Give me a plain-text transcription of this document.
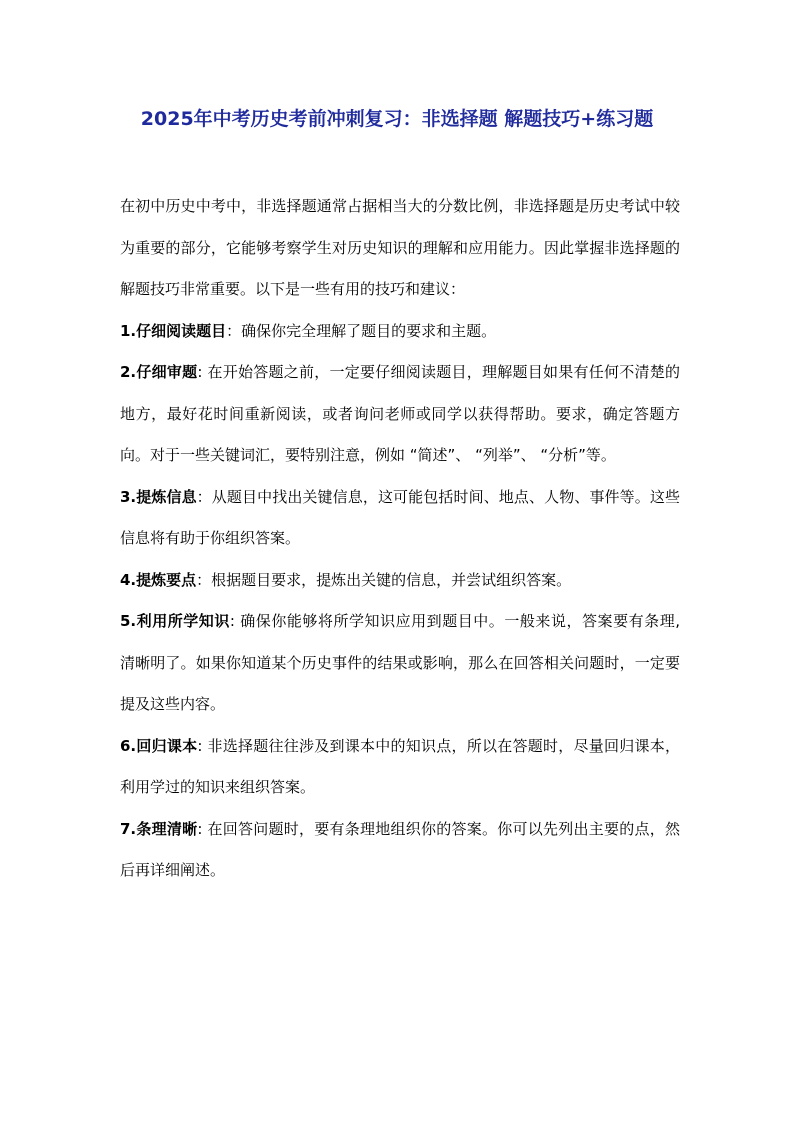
2025年中考历史考前冲刺复习：非选择题 解题技巧+练习题

在初中历史中考中，非选择题通常占据相当大的分数比例，非选择题是历史考试中较为重要的部分，它能够考察学生对历史知识的理解和应用能力。因此掌握非选择题的解题技巧非常重要。以下是一些有用的技巧和建议：

1.仔细阅读题目：确保你完全理解了题目的要求和主题。

2.仔细审题: 在开始答题之前，一定要仔细阅读题目，理解题目如果有任何不清楚的地方，最好花时间重新阅读，或者询问老师或同学以获得帮助。要求，确定答题方向。对于一些关键词汇，要特别注意，例如 “简述”、 “列举”、 “分析”等。

3.提炼信息：从题目中找出关键信息，这可能包括时间、地点、人物、事件等。这些信息将有助于你组织答案。

4.提炼要点：根据题目要求，提炼出关键的信息，并尝试组织答案。

5.利用所学知识: 确保你能够将所学知识应用到题目中。一般来说，答案要有条理, 清晰明了。如果你知道某个历史事件的结果或影响，那么在回答相关问题时，一定要提及这些内容。

6.回归课本: 非选择题往往涉及到课本中的知识点，所以在答题时，尽量回归课本，利用学过的知识来组织答案。

7.条理清晰: 在回答问题时，要有条理地组织你的答案。你可以先列出主要的点，然后再详细阐述。
